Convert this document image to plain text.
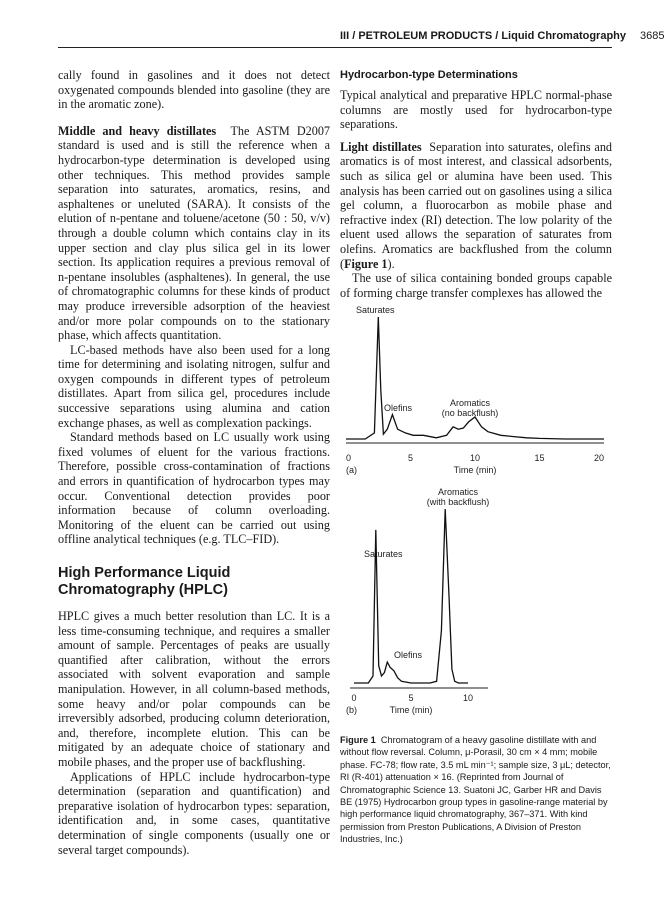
III / PETROLEUM PRODUCTS / Liquid Chromatography 3685

cally found in gasolines and it does not detect oxygenated compounds blended into gasoline (they are in the aromatic zone).

Middle and heavy distillates The ASTM D2007 standard is used and is still the reference when a hydrocarbon-type determination is developed using other techniques. This method provides sample separation into saturates, aromatics, resins, and asphaltenes or uneluted (SARA). It consists of the elution of n-pentane and toluene/acetone (50 : 50, v/v) through a double column which contains clay in its upper section and clay plus silica gel in its lower section. Its application requires a previous removal of n-pentane insolubles (asphaltenes). In general, the use of chromatographic columns for these kinds of product may produce irreversible adsorption of the heaviest and/or more polar compounds on to the stationary phase, which affects quantitation.

LC-based methods have also been used for a long time for determining and isolating nitrogen, sulfur and oxygen compounds in different types of petroleum distillates. Apart from silica gel, procedures include successive separations using alumina and cation exchange phases, as well as complexation packings.

Standard methods based on LC usually work using fixed volumes of eluent for the various fractions. Therefore, possible cross-contamination of fractions and errors in quantification of hydrocarbon types may occur. Conventional detection provides poor information because of column overloading. Monitoring of the eluent can be carried out using offline analytical techniques (e.g. TLC–FID).

High Performance Liquid Chromatography (HPLC)

HPLC gives a much better resolution than LC. It is a less time-consuming technique, and requires a smaller amount of sample. Percentages of peaks are usually quantified after calibration, without the errors associated with solvent evaporation and sample manipulation. However, in all column-based methods, some heavy and/or polar compounds can be irreversibly adsorbed, producing column deterioration, and, therefore, incomplete elution. This can be mitigated by an adequate choice of stationary and mobile phases, and the proper use of backflushing.

Applications of HPLC include hydrocarbon-type determination (separation and quantification) and preparative isolation of hydrocarbon types: separation, identification and, in some cases, quantitative determination of single components (usually one or several target compounds).

Hydrocarbon-type Determinations

Typical analytical and preparative HPLC normal-phase columns are mostly used for hydrocarbon-type separations.

Light distillates Separation into saturates, olefins and aromatics is of most interest, and classical adsorbents, such as silica gel or alumina have been used. This analysis has been carried out on gasolines using a silica gel column, a fluorocarbon as mobile phase and refractive index (RI) detection. The low polarity of the eluent used allows the separation of saturates from olefins. Aromatics are backflushed from the column (Figure 1).

The use of silica containing bonded groups capable of forming charge transfer complexes has allowed the

Saturates
Olefins	Aromatics
(no backflush)
0	5	10	15	20
(a)	Time (min)
Aromatics
(with backflush)
Saturates
Olefins
0	5	10
(b)	Time (min)
Figure 1 Chromatogram of a heavy gasoline distillate with and without flow reversal. Column, μ-Porasil, 30 cm × 4 mm; mobile phase. FC-78; flow rate, 3.5 mL min⁻¹; sample size, 3 μL; detector, RI (R-401) attenuation × 16. (Reprinted from Journal of Chromatographic Science 13. Suatoni JC, Garber HR and Davis BE (1975) Hydrocarbon group types in gasoline-range material by high performance liquid chromatography, 367–371. With kind permission from Preston Publications, A Division of Preston Industries, Inc.)
